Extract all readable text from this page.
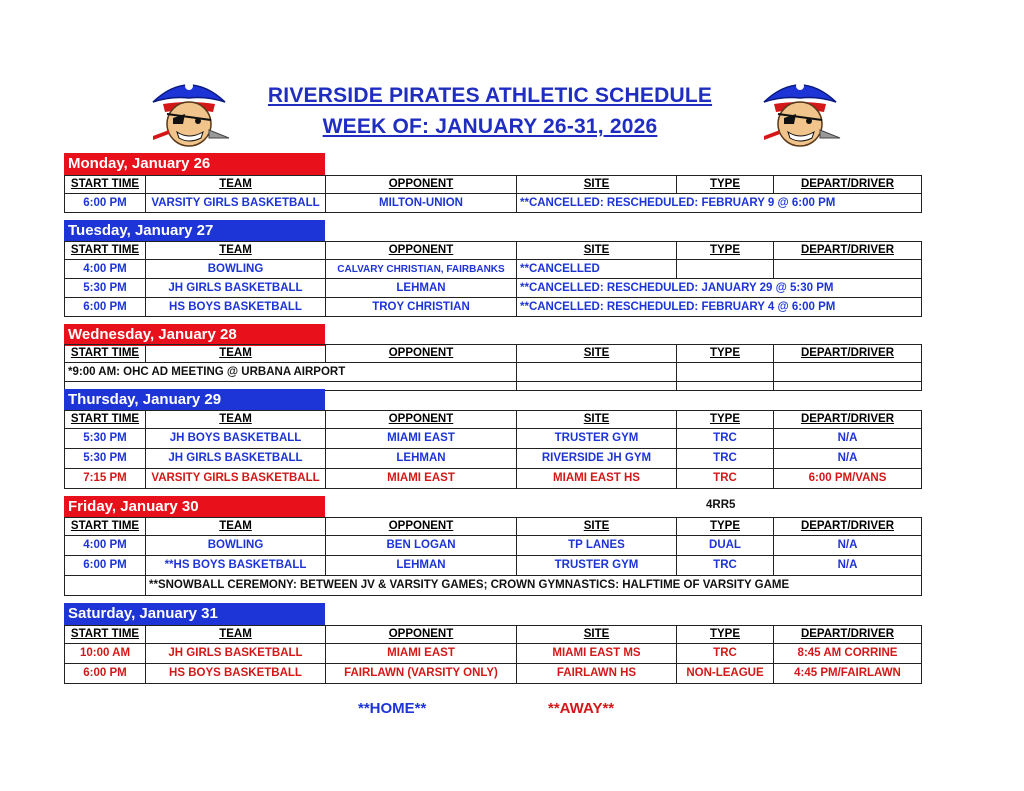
RIVERSIDE PIRATES ATHLETIC SCHEDULE
WEEK OF: JANUARY 26-31, 2026
Monday, January 26
START TIME	TEAM	OPPONENT	SITE	TYPE	DEPART/DRIVER
6:00 PM	VARSITY GIRLS BASKETBALL	MILTON-UNION	**CANCELLED: RESCHEDULED: FEBRUARY 9 @ 6:00 PM		
Tuesday, January 27
START TIME	TEAM	OPPONENT	SITE	TYPE	DEPART/DRIVER
4:00 PM	BOWLING	CALVARY CHRISTIAN, FAIRBANKS	**CANCELLED		
5:30 PM	JH GIRLS BASKETBALL	LEHMAN	**CANCELLED: RESCHEDULED: JANUARY 29 @ 5:30 PM		
6:00 PM	HS BOYS BASKETBALL	TROY CHRISTIAN	**CANCELLED: RESCHEDULED: FEBRUARY 4 @ 6:00 PM		
Wednesday, January 28
START TIME	TEAM	OPPONENT	SITE	TYPE	DEPART/DRIVER
*9:00 AM: OHC AD MEETING @ URBANA AIRPORT					

Thursday, January 29
START TIME	TEAM	OPPONENT	SITE	TYPE	DEPART/DRIVER
5:30 PM	JH BOYS BASKETBALL	MIAMI EAST	TRUSTER GYM	TRC	N/A
5:30 PM	JH GIRLS BASKETBALL	LEHMAN	RIVERSIDE JH GYM	TRC	N/A
7:15 PM	VARSITY GIRLS BASKETBALL	MIAMI EAST	MIAMI EAST HS	TRC	6:00 PM/VANS
Friday, January 30	4RR5
START TIME	TEAM	OPPONENT	SITE	TYPE	DEPART/DRIVER
4:00 PM	BOWLING	BEN LOGAN	TP LANES	DUAL	N/A
6:00 PM	**HS BOYS BASKETBALL	LEHMAN	TRUSTER GYM	TRC	N/A
	**SNOWBALL CEREMONY: BETWEEN JV & VARSITY GAMES; CROWN GYMNASTICS: HALFTIME OF VARSITY GAME				
Saturday, January 31
START TIME	TEAM	OPPONENT	SITE	TYPE	DEPART/DRIVER
10:00 AM	JH GIRLS BASKETBALL	MIAMI EAST	MIAMI EAST MS	TRC	8:45 AM CORRINE
6:00 PM	HS BOYS BASKETBALL	FAIRLAWN (VARSITY ONLY)	FAIRLAWN HS	NON-LEAGUE	4:45 PM/FAIRLAWN
**HOME**	**AWAY**
